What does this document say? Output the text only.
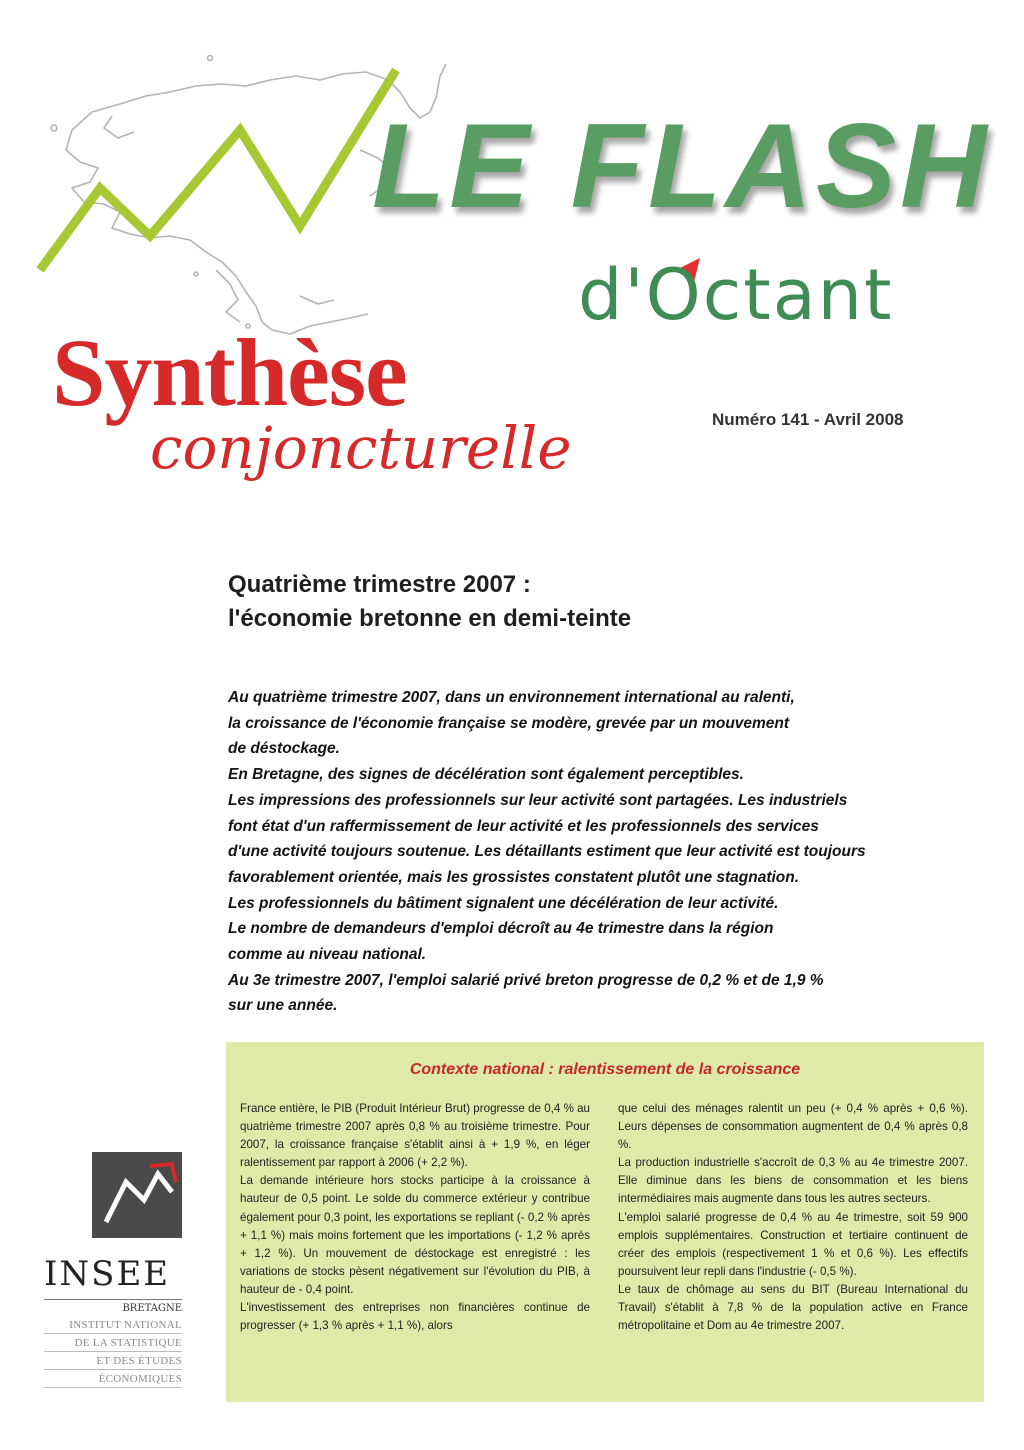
LE FLASH
d'Octant
Synthèse
conjoncturelle	Numéro 141 - Avril 2008
Quatrième trimestre 2007 :
l'économie bretonne en demi-teinte
Au quatrième trimestre 2007, dans un environnement international au ralenti,
la croissance de l'économie française se modère, grevée par un mouvement
de déstockage.
En Bretagne, des signes de décélération sont également perceptibles.
Les impressions des professionnels sur leur activité sont partagées. Les industriels
font état d'un raffermissement de leur activité et les professionnels des services
d'une activité toujours soutenue. Les détaillants estiment que leur activité est toujours
favorablement orientée, mais les grossistes constatent plutôt une stagnation.
Les professionnels du bâtiment signalent une décélération de leur activité.
Le nombre de demandeurs d'emploi décroît au 4e trimestre dans la région
comme au niveau national.
Au 3e trimestre 2007, l'emploi salarié privé breton progresse de 0,2 % et de 1,9 %
sur une année.
Contexte national : ralentissement de la croissance

France entière, le PIB (Produit Intérieur Brut) progresse de 0,4 % au quatrième trimestre 2007 après 0,8 % au troisième trimestre. Pour 2007, la croissance française s'établit ainsi à + 1,9 %, en léger ralentissement par rapport à 2006 (+ 2,2 %).

La demande intérieure hors stocks participe à la croissance à hauteur de 0,5 point. Le solde du commerce extérieur y contribue également pour 0,3 point, les exportations se repliant (- 0,2 % après + 1,1 %) mais moins fortement que les importations (- 1,2 % après + 1,2 %). Un mouvement de déstockage est enregistré : les variations de stocks pèsent négativement sur l'évolution du PIB, à hauteur de - 0,4 point.

L'investissement des entreprises non financières continue de progresser (+ 1,3 % après + 1,1 %), alors

que celui des ménages ralentit un peu (+ 0,4 % après + 0,6 %). Leurs dépenses de consommation augmentent de 0,4 % après 0,8 %.

La production industrielle s'accroît de 0,3 % au 4e trimestre 2007. Elle diminue dans les biens de consommation et les biens intermédiaires mais augmente dans tous les autres secteurs.

L'emploi salarié progresse de 0,4 % au 4e trimestre, soit 59 900 emplois supplémentaires. Construction et tertiaire continuent de créer des emplois (respectivement 1 % et 0,6 %). Les effectifs poursuivent leur repli dans l'industrie (- 0,5 %).

Le taux de chômage au sens du BIT (Bureau International du Travail) s'établit à 7,8 % de la population active en France métropolitaine et Dom au 4e trimestre 2007.

INSEE
BRETAGNE
INSTITUT NATIONAL
DE LA STATISTIQUE
ET DES ÉTUDES
ÉCONOMIQUES
